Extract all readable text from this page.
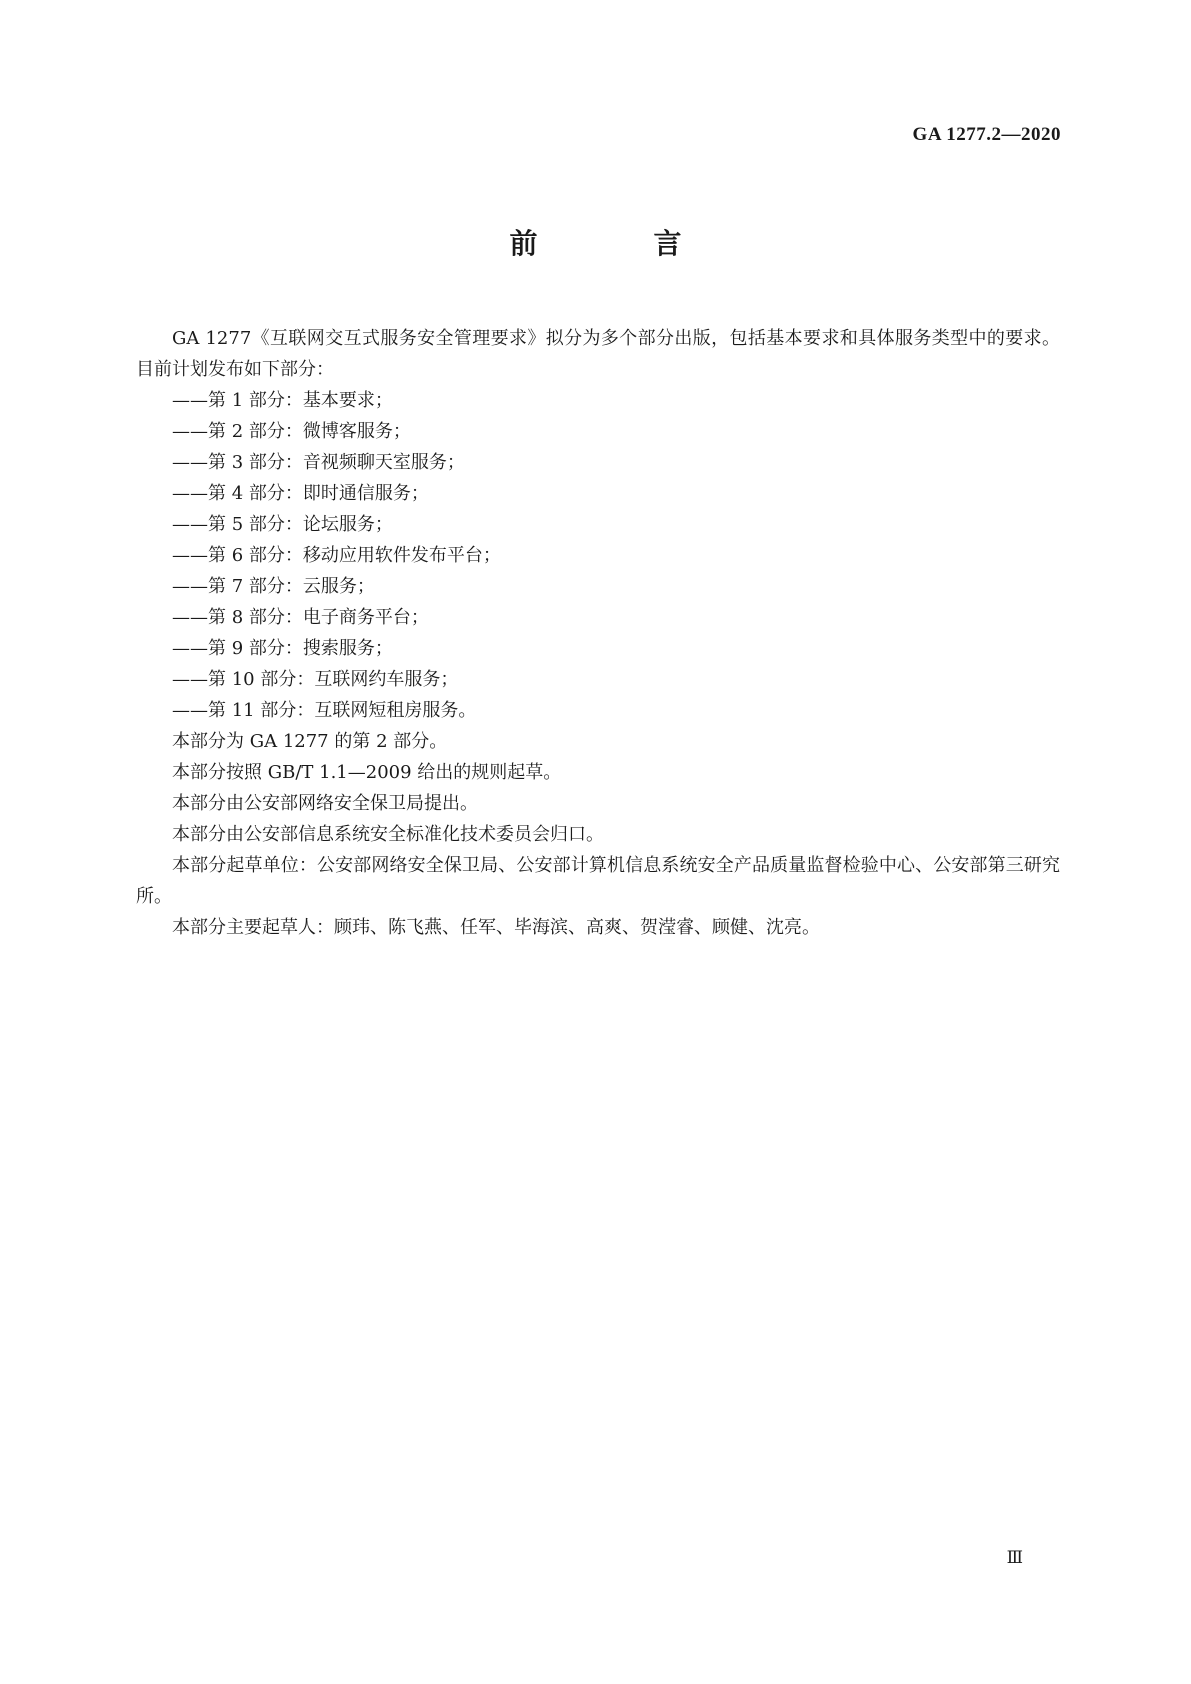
GA 1277.2—2020
前　言

GA 1277《互联网交互式服务安全管理要求》拟分为多个部分出版，包括基本要求和具体服务类型中的要求。目前计划发布如下部分：

——第 1 部分：基本要求；

——第 2 部分：微博客服务；

——第 3 部分：音视频聊天室服务；

——第 4 部分：即时通信服务；

——第 5 部分：论坛服务；

——第 6 部分：移动应用软件发布平台；

——第 7 部分：云服务；

——第 8 部分：电子商务平台；

——第 9 部分：搜索服务；

——第 10 部分：互联网约车服务；

——第 11 部分：互联网短租房服务。

本部分为 GA 1277 的第 2 部分。

本部分按照 GB/T 1.1—2009 给出的规则起草。

本部分由公安部网络安全保卫局提出。

本部分由公安部信息系统安全标准化技术委员会归口。

本部分起草单位：公安部网络安全保卫局、公安部计算机信息系统安全产品质量监督检验中心、公安部第三研究所。

本部分主要起草人：顾玮、陈飞燕、任军、毕海滨、高爽、贺滢睿、顾健、沈亮。

Ⅲ
